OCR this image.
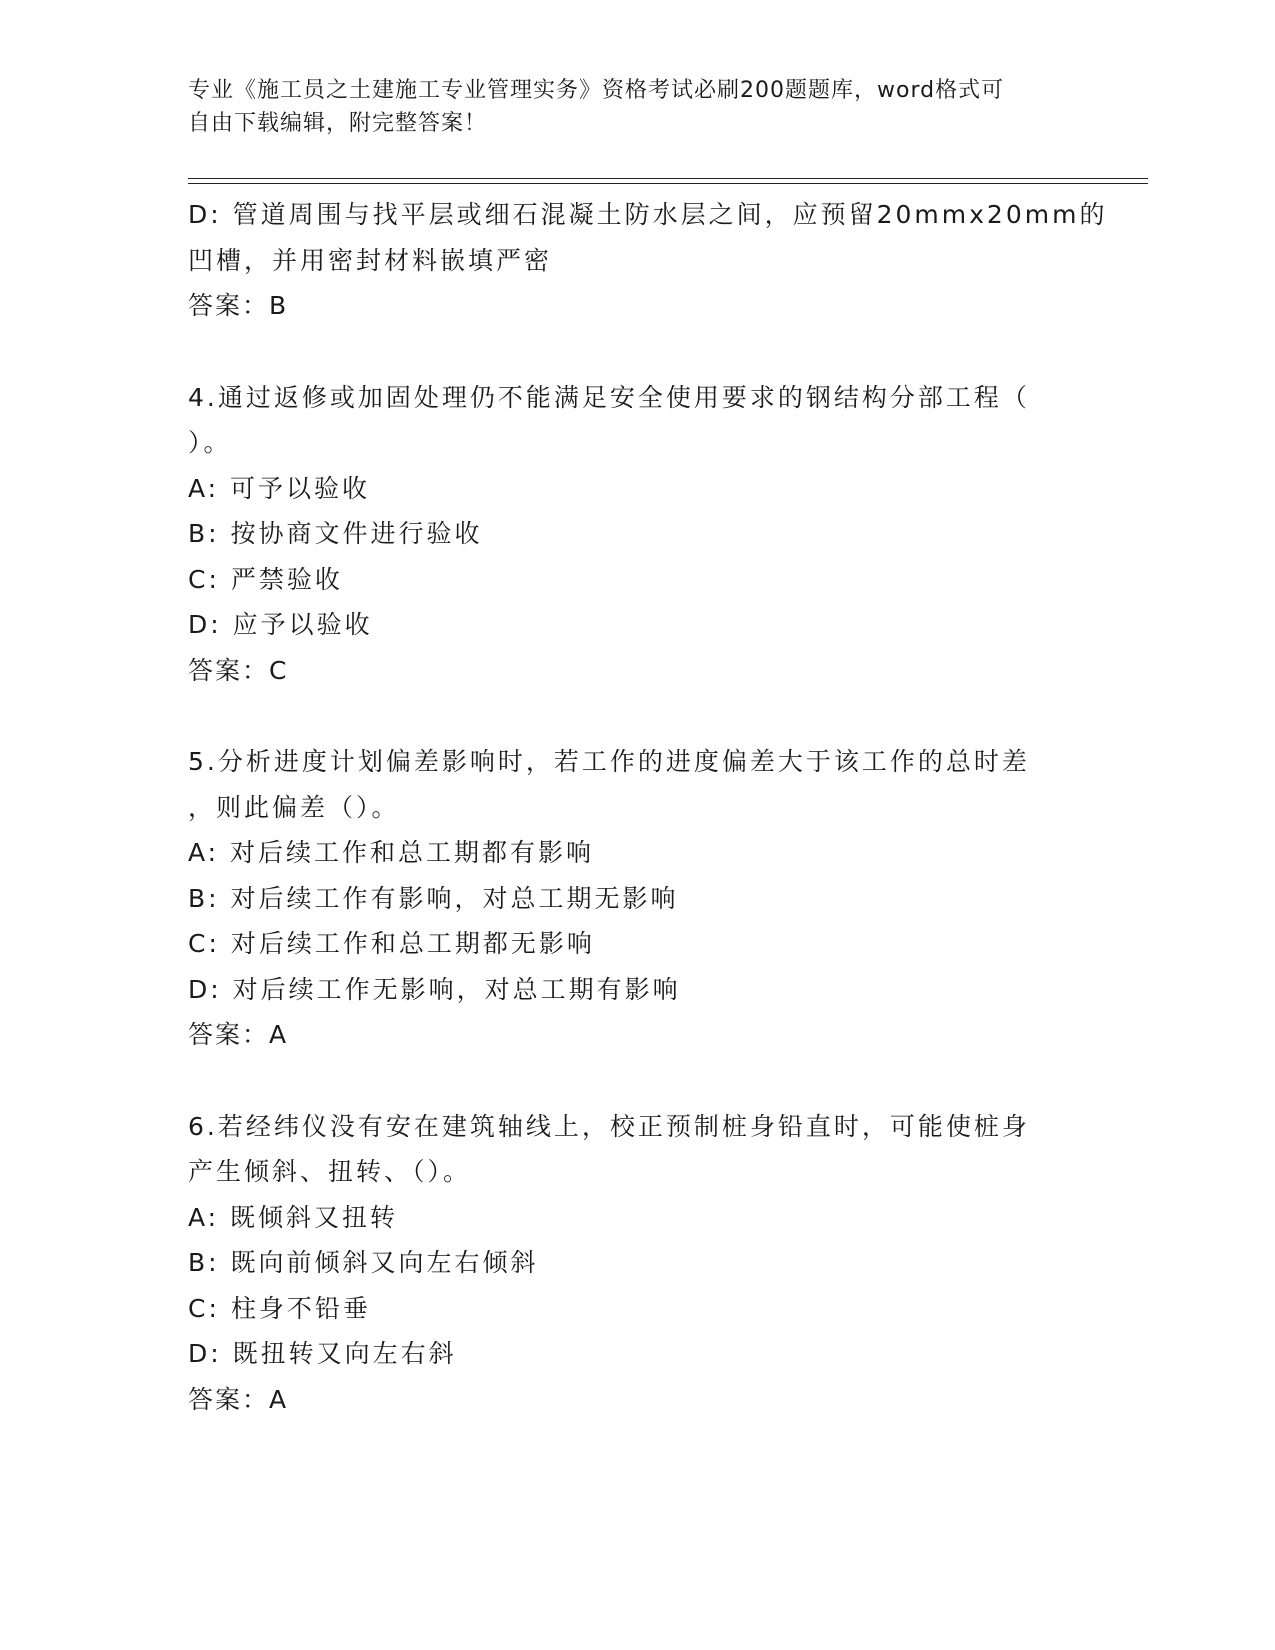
专业《施工员之土建施工专业管理实务》资格考试必刷200题题库，word格式可
自由下载编辑，附完整答案！
D: 管道周围与找平层或细石混凝土防水层之间，应预留20mmx20mm的
凹槽，并用密封材料嵌填严密
答案：B
4.通过返修或加固处理仍不能满足安全使用要求的钢结构分部工程（
）。
A: 可予以验收
B: 按协商文件进行验收
C: 严禁验收
D: 应予以验收
答案：C
5.分析进度计划偏差影响时，若工作的进度偏差大于该工作的总时差
，则此偏差（）。
A: 对后续工作和总工期都有影响
B: 对后续工作有影响，对总工期无影响
C: 对后续工作和总工期都无影响
D: 对后续工作无影响，对总工期有影响
答案：A
6.若经纬仪没有安在建筑轴线上，校正预制桩身铅直时，可能使桩身
产生倾斜、扭转、（）。
A: 既倾斜又扭转
B: 既向前倾斜又向左右倾斜
C: 柱身不铅垂
D: 既扭转又向左右斜
答案：A
